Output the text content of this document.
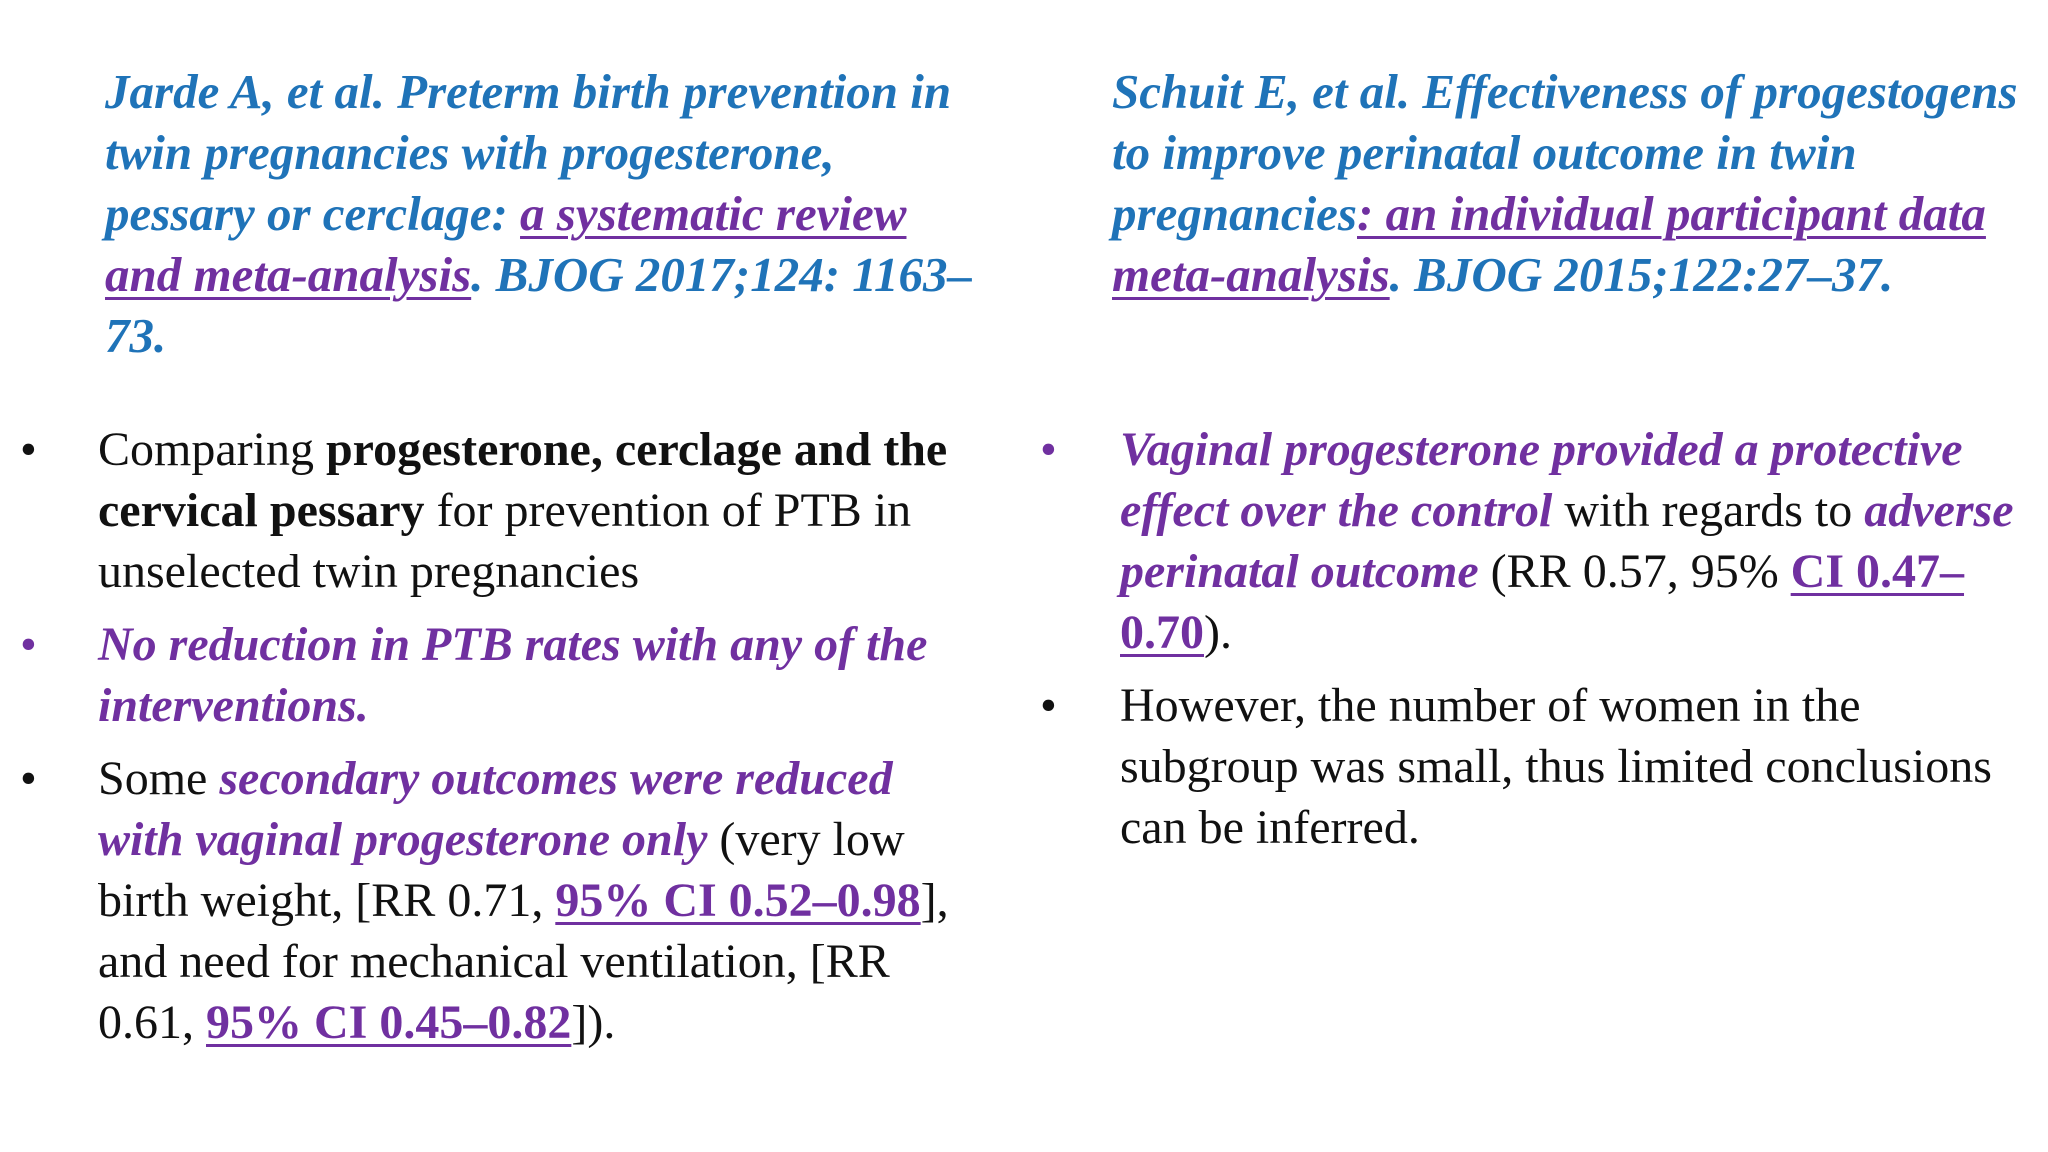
Jarde A, et al. Preterm birth prevention in twin pregnancies with progesterone, pessary or cerclage: a systematic review and meta-analysis. BJOG 2017;124: 1163–73.
Schuit E, et al. Effectiveness of progestogens to improve perinatal outcome in twin pregnancies: an individual participant data meta-analysis. BJOG 2015;122:27–37.
•	Comparing progesterone, cerclage and the cervical pessary for prevention of PTB in unselected twin pregnancies
•	No reduction in PTB rates with any of the interventions.
•	Some secondary outcomes were reduced with vaginal progesterone only (very low birth weight, [RR 0.71, 95% CI 0.52–0.98], and need for mechanical ventilation, [RR 0.61, 95% CI 0.45–0.82]).
•	Vaginal progesterone provided a protective effect over the control with regards to adverse perinatal outcome (RR 0.57, 95% CI 0.47–0.70).
•	However, the number of women in the subgroup was small, thus limited conclusions can be inferred.
